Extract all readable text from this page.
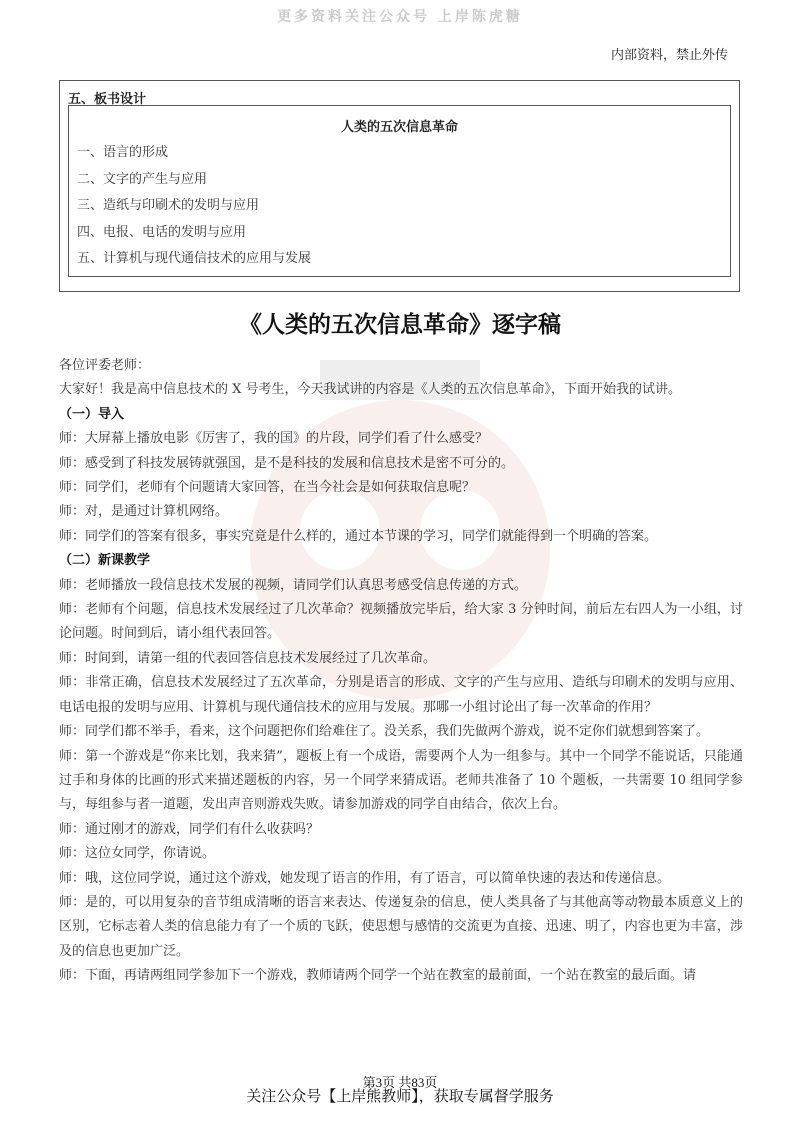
更多资料关注公众号 上岸陈虎糖
内部资料，禁止外传
五、板书设计
人类的五次信息革命
一、语言的形成
二、文字的产生与应用
三、造纸与印刷术的发明与应用
四、电报、电话的发明与应用
五、计算机与现代通信技术的应用与发展
《人类的五次信息革命》逐字稿

各位评委老师：

大家好！我是高中信息技术的 X 号考生，今天我试讲的内容是《人类的五次信息革命》，下面开始我的试讲。

（一）导入

师：大屏幕上播放电影《厉害了，我的国》的片段，同学们看了什么感受？

师：感受到了科技发展铸就强国，是不是科技的发展和信息技术是密不可分的。

师：同学们，老师有个问题请大家回答，在当今社会是如何获取信息呢？

师：对，是通过计算机网络。

师：同学们的答案有很多，事实究竟是什么样的，通过本节课的学习，同学们就能得到一个明确的答案。

（二）新课教学

师：老师播放一段信息技术发展的视频，请同学们认真思考感受信息传递的方式。

师：老师有个问题，信息技术发展经过了几次革命？视频播放完毕后，给大家 3 分钟时间，前后左右四人为一小组，讨论问题。时间到后，请小组代表回答。

师：时间到，请第一组的代表回答信息技术发展经过了几次革命。

师：非常正确，信息技术发展经过了五次革命，分别是语言的形成、文字的产生与应用、造纸与印刷术的发明与应用、电话电报的发明与应用、计算机与现代通信技术的应用与发展。那哪一小组讨论出了每一次革命的作用？

师：同学们都不举手，看来，这个问题把你们给难住了。没关系，我们先做两个游戏，说不定你们就想到答案了。

师：第一个游戏是“你来比划，我来猜”，题板上有一个成语，需要两个人为一组参与。其中一个同学不能说话，只能通过手和身体的比画的形式来描述题板的内容，另一个同学来猜成语。老师共准备了 10 个题板，一共需要 10 组同学参与，每组参与者一道题，发出声音则游戏失败。请参加游戏的同学自由结合，依次上台。

师：通过刚才的游戏，同学们有什么收获吗？

师：这位女同学，你请说。

师：哦，这位同学说，通过这个游戏，她发现了语言的作用，有了语言，可以简单快速的表达和传递信息。

师：是的，可以用复杂的音节组成清晰的语言来表达、传递复杂的信息，使人类具备了与其他高等动物最本质意义上的区别，它标志着人类的信息能力有了一个质的飞跃，使思想与感情的交流更为直接、迅速、明了，内容也更为丰富，涉及的信息也更加广泛。

师：下面，再请两组同学参加下一个游戏，教师请两个同学一个站在教室的最前面，一个站在教室的最后面。请

第3页 共83页
关注公众号【上岸熊教师】，获取专属督学服务
